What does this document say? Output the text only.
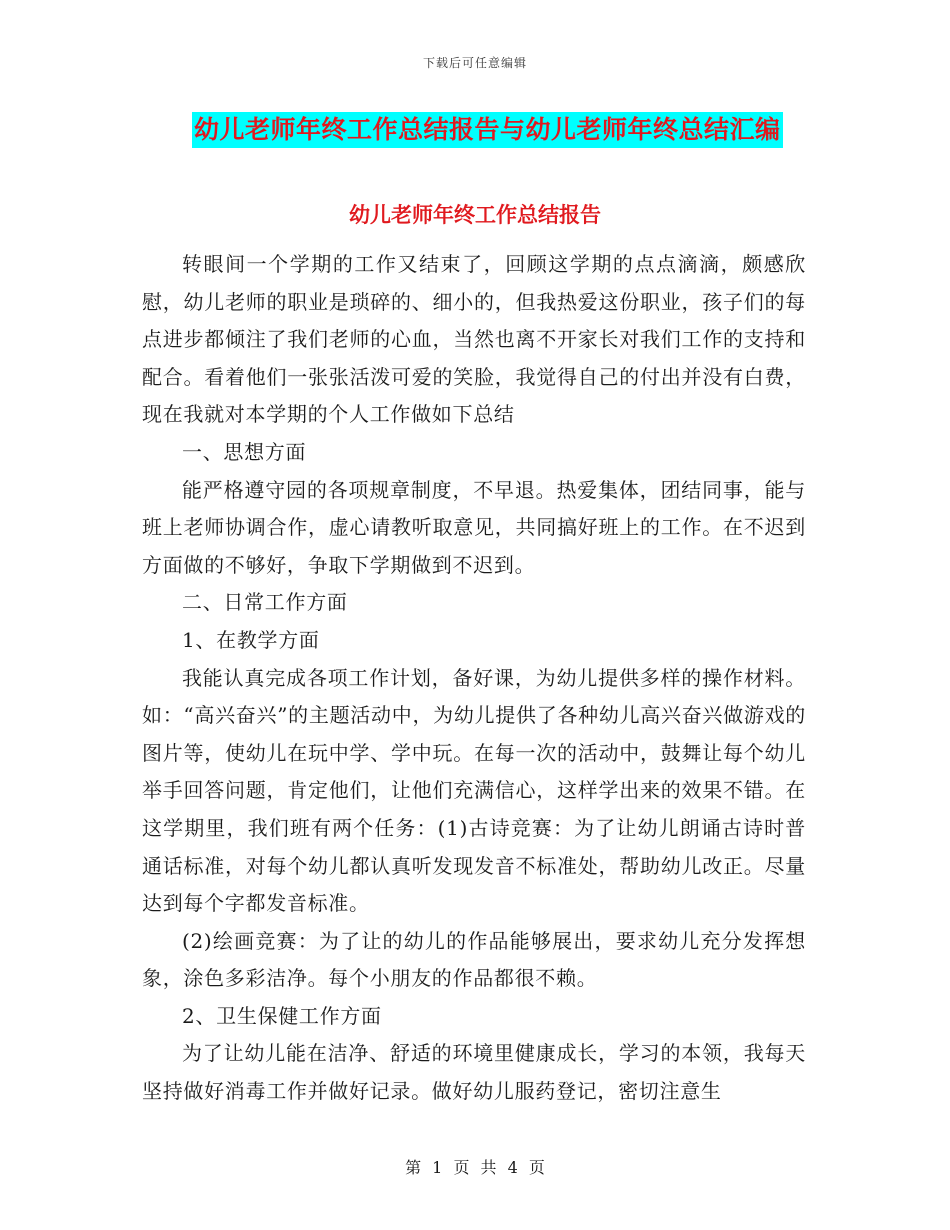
下载后可任意编辑
幼儿老师年终工作总结报告与幼儿老师年终总结汇编
幼儿老师年终工作总结报告

转眼间一个学期的工作又结束了，回顾这学期的点点滴滴，颇感欣慰，幼儿老师的职业是琐碎的、细小的，但我热爱这份职业，孩子们的每点进步都倾注了我们老师的心血，当然也离不开家长对我们工作的支持和配合。看着他们一张张活泼可爱的笑脸，我觉得自己的付出并没有白费，现在我就对本学期的个人工作做如下总结

一、思想方面

能严格遵守园的各项规章制度，不早退。热爱集体，团结同事，能与班上老师协调合作，虚心请教听取意见，共同搞好班上的工作。在不迟到方面做的不够好，争取下学期做到不迟到。

二、日常工作方面

1、在教学方面

我能认真完成各项工作计划，备好课，为幼儿提供多样的操作材料。如：“高兴奋兴”的主题活动中，为幼儿提供了各种幼儿高兴奋兴做游戏的图片等，使幼儿在玩中学、学中玩。在每一次的活动中，鼓舞让每个幼儿举手回答问题，肯定他们，让他们充满信心，这样学出来的效果不错。在这学期里，我们班有两个任务：(1)古诗竞赛：为了让幼儿朗诵古诗时普通话标准，对每个幼儿都认真听发现发音不标准处，帮助幼儿改正。尽量达到每个字都发音标准。

(2)绘画竞赛：为了让的幼儿的作品能够展出，要求幼儿充分发挥想象，涂色多彩洁净。每个小朋友的作品都很不赖。

2、卫生保健工作方面

为了让幼儿能在洁净、舒适的环境里健康成长，学习的本领，我每天坚持做好消毒工作并做好记录。做好幼儿服药登记，密切注意生

第 1 页 共 4 页
